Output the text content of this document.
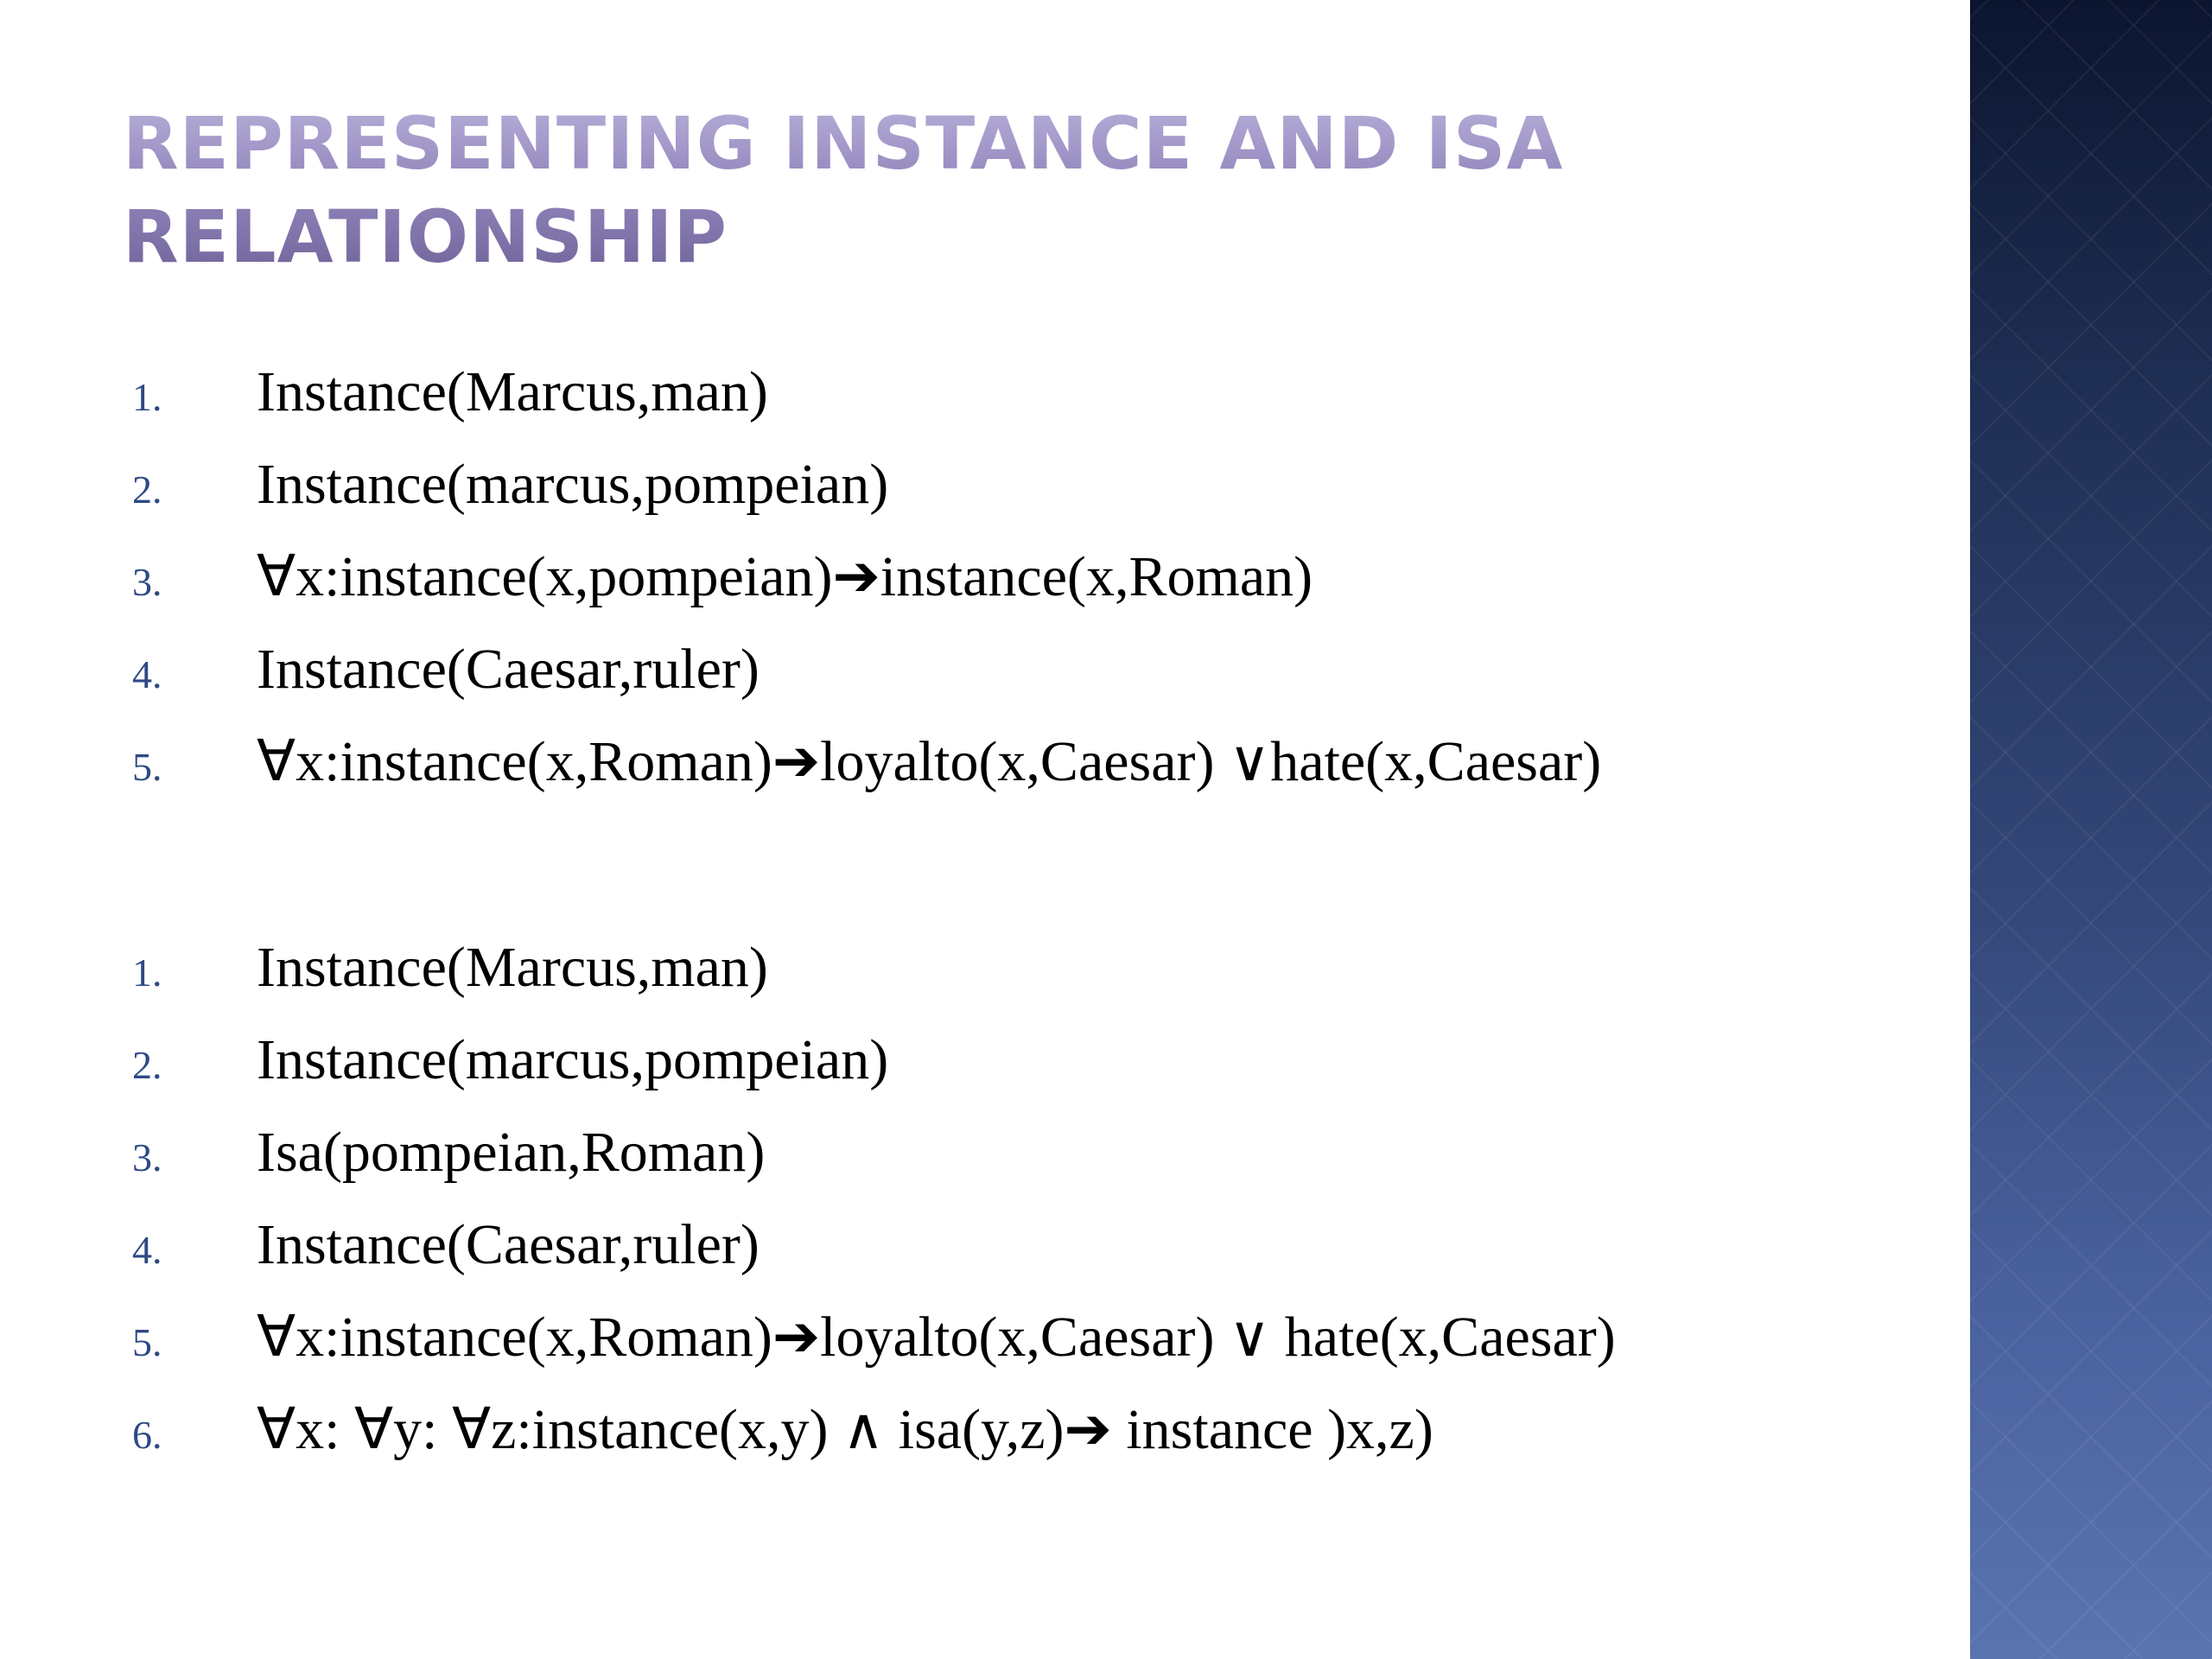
REPRESENTING INSTANCE AND ISA RELATIONSHIP
1. Instance(Marcus,man)
2. Instance(marcus,pompeian)
3. ∀x:instance(x,pompeian)➔instance(x,Roman)
4. Instance(Caesar,ruler)
5. ∀x:instance(x,Roman)➔loyalto(x,Caesar) ∨hate(x,Caesar)
1. Instance(Marcus,man)
2. Instance(marcus,pompeian)
3. Isa(pompeian,Roman)
4. Instance(Caesar,ruler)
5. ∀x:instance(x,Roman)➔loyalto(x,Caesar) ∨ hate(x,Caesar)
6. ∀x: ∀y: ∀z:instance(x,y) ∧ isa(y,z)➔ instance )x,z)
